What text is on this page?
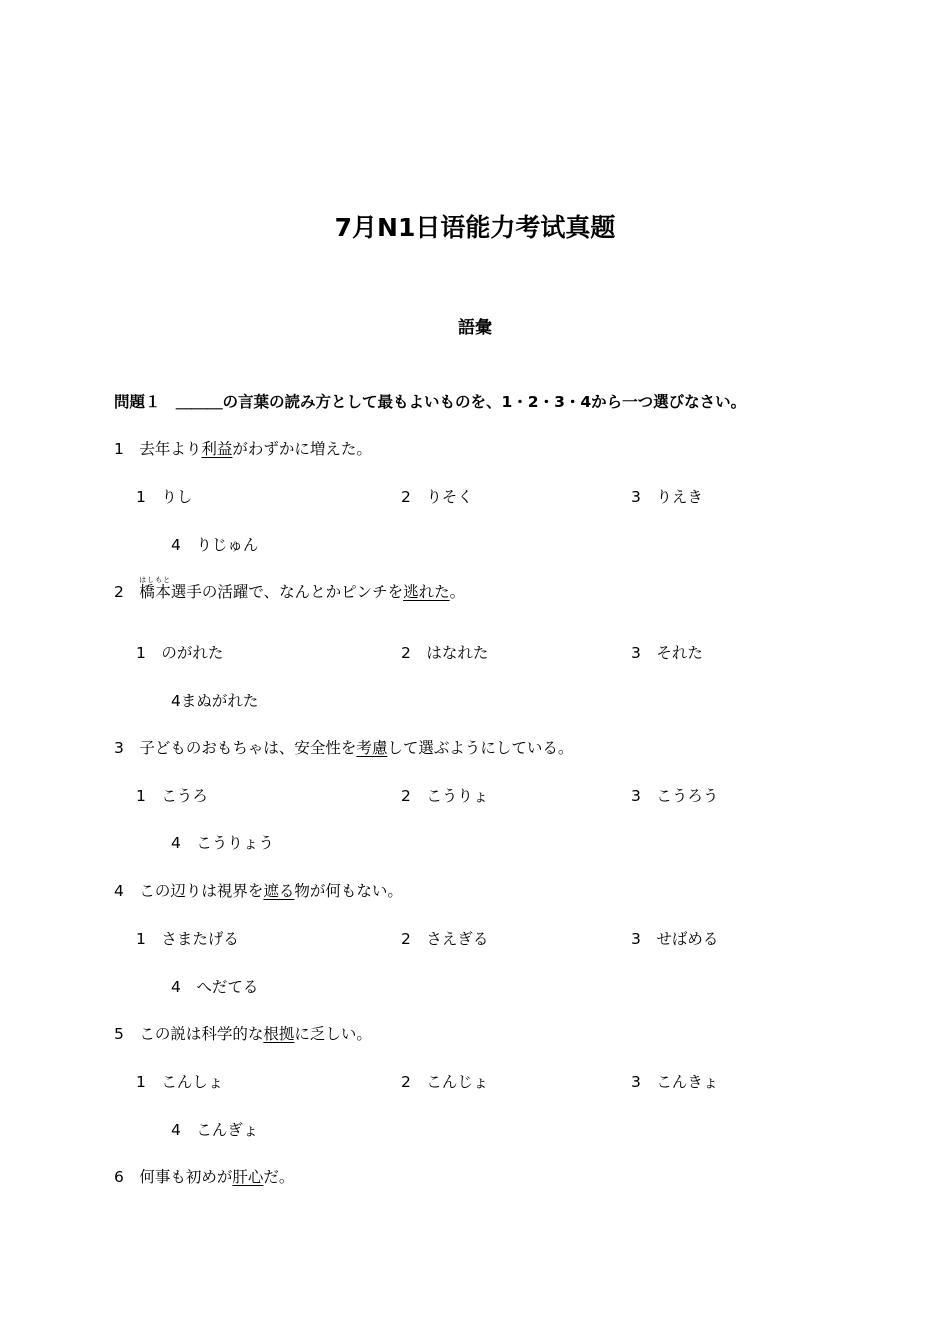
7月N1日语能力考试真题
語彙
問題１　＿＿＿の言葉の読み方として最もよいものを、1・2・3・4から一つ選びなさい。
1　 去年より利益がわずかに増えた。
1　りし	2　りそく	3　りえき
4　りじゅん
2　 橋本はしもと選手の活躍で、なんとかピンチを逃れた。
1　のがれた	2　はなれた	3　それた
4まぬがれた
3　 子どものおもちゃは、安全性を考慮して選ぶようにしている。
1　こうろ	2　こうりょ	3　こうろう
4　こうりょう
4　 この辺りは視界を遮る物が何もない。
1　さまたげる	2　さえぎる	3　せばめる
4　へだてる
5　 この説は科学的な根拠に乏しい。
1　こんしょ	2　こんじょ	3　こんきょ
4　こんぎょ
6　 何事も初めが肝心だ。
